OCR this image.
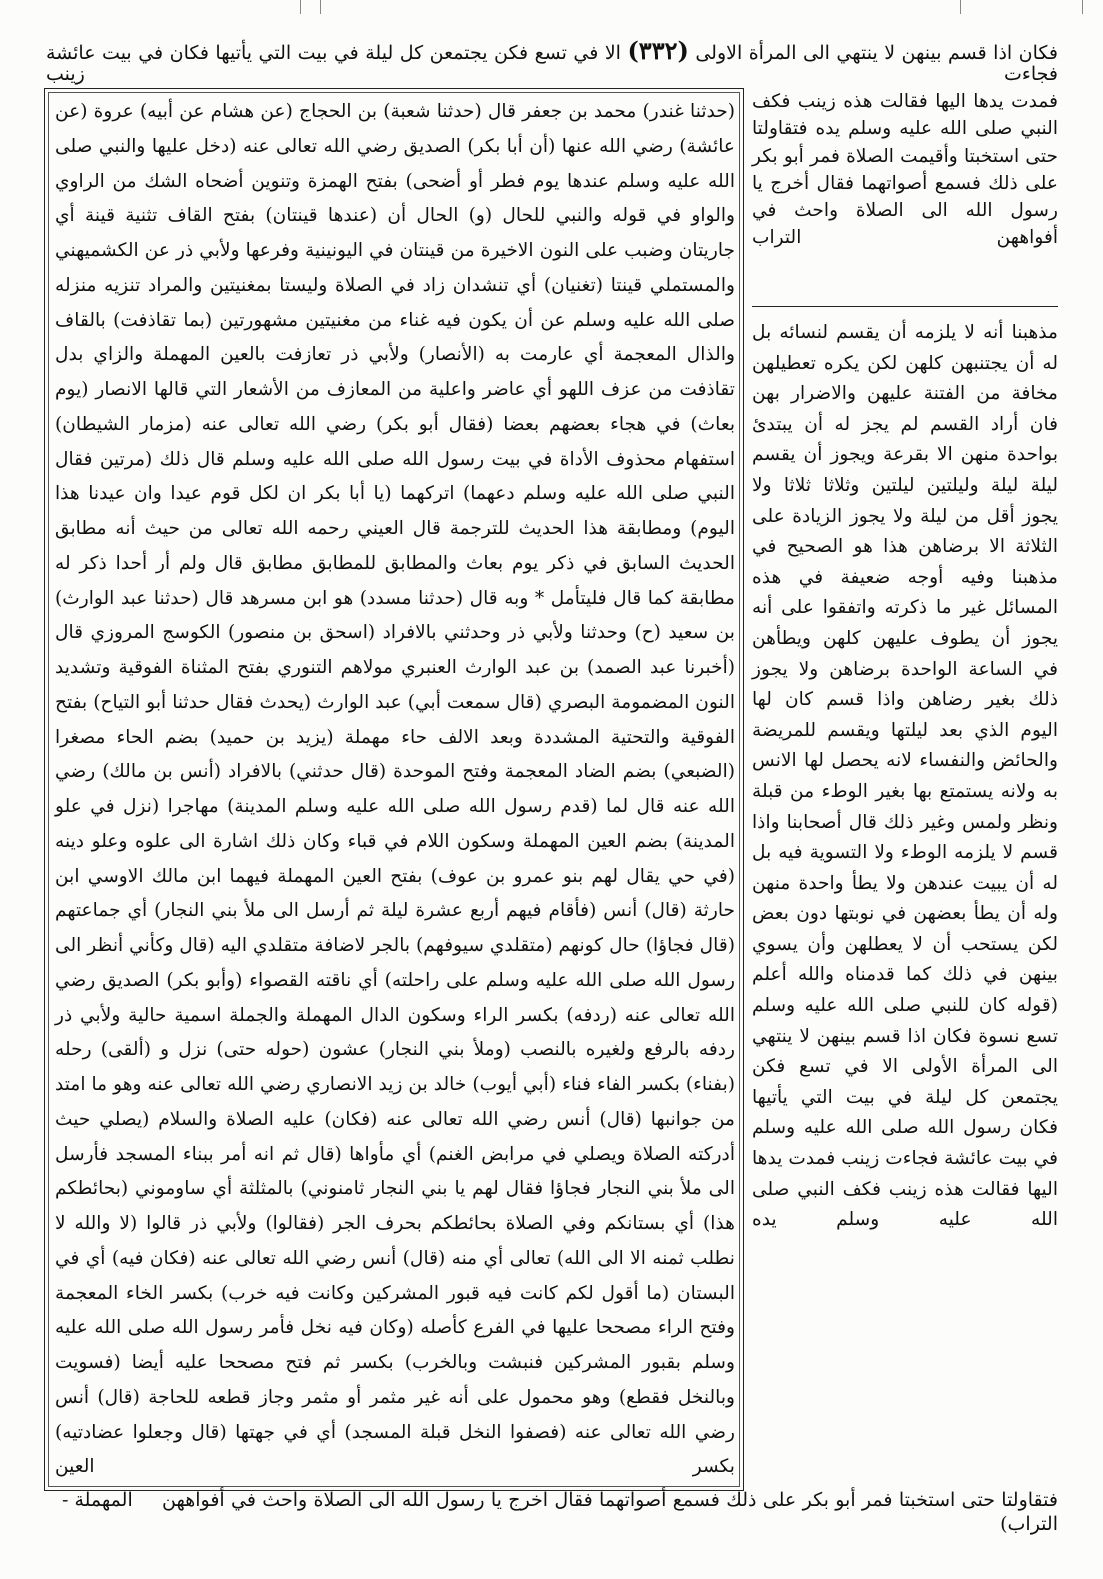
فكان اذا قسم بينهن لا ينتهي الى المرأة الاولى (٣٣٢) الا في تسع فكن يجتمعن كل ليلة في بيت التي يأتيها فكان في بيت عائشة فجاءت زينب
فمدت يدها اليها فقالت هذه زينب فكف النبي صلى الله عليه وسلم يده فتقاولتا حتى استخبتا وأقيمت الصلاة فمر أبو بكر على ذلك فسمع أصواتهما فقال أخرج يا رسول الله الى الصلاة واحث في أفواههن التراب
مذهبنا أنه لا يلزمه أن يقسم لنسائه بل له أن يجتنبهن كلهن لكن يكره تعطيلهن مخافة من الفتنة عليهن والاضرار بهن فان أراد القسم لم يجز له أن يبتدئ بواحدة منهن الا بقرعة ويجوز أن يقسم ليلة ليلة وليلتين ليلتين وثلاثا ثلاثا ولا يجوز أقل من ليلة ولا يجوز الزيادة على الثلاثة الا برضاهن هذا هو الصحيح في مذهبنا وفيه أوجه ضعيفة في هذه المسائل غير ما ذكرته واتفقوا على أنه يجوز أن يطوف عليهن كلهن ويطأهن في الساعة الواحدة برضاهن ولا يجوز ذلك بغير رضاهن واذا قسم كان لها اليوم الذي بعد ليلتها ويقسم للمريضة والحائض والنفساء لانه يحصل لها الانس به ولانه يستمتع بها بغير الوطء من قبلة ونظر ولمس وغير ذلك قال أصحابنا واذا قسم لا يلزمه الوطء ولا التسوية فيه بل له أن يبيت عندهن ولا يطأ واحدة منهن وله أن يطأ بعضهن في نوبتها دون بعض لكن يستحب أن لا يعطلهن وأن يسوي بينهن في ذلك كما قدمناه والله أعلم (قوله كان للنبي صلى الله عليه وسلم تسع نسوة فكان اذا قسم بينهن لا ينتهي الى المرأة الأولى الا في تسع فكن يجتمعن كل ليلة في بيت التي يأتيها فكان رسول الله صلى الله عليه وسلم في بيت عائشة فجاءت زينب فمدت يدها اليها فقالت هذه زينب فكف النبي صلى الله عليه وسلم يده
(حدثنا غندر) محمد بن جعفر قال (حدثنا شعبة) بن الحجاج (عن هشام عن أبيه) عروة (عن عائشة) رضي الله عنها (أن أبا بكر) الصديق رضي الله تعالى عنه (دخل عليها والنبي صلى الله عليه وسلم عندها يوم فطر أو أضحى) بفتح الهمزة وتنوين أضحاه الشك من الراوي والواو في قوله والنبي للحال (و) الحال أن (عندها قينتان) بفتح القاف تثنية قينة أي جاريتان وضبب على النون الاخيرة من قينتان في اليونينية وفرعها ولأبي ذر عن الكشميهني والمستملي قينتا (تغنيان) أي تنشدان زاد في الصلاة وليستا بمغنيتين والمراد تنزيه منزله صلى الله عليه وسلم عن أن يكون فيه غناء من مغنيتين مشهورتين (بما تقاذفت) بالقاف والذال المعجمة أي عارمت به (الأنصار) ولأبي ذر تعازفت بالعين المهملة والزاي بدل تقاذفت من عزف اللهو أي عاضر واعلية من المعازف من الأشعار التي قالها الانصار (يوم بعاث) في هجاء بعضهم بعضا (فقال أبو بكر) رضي الله تعالى عنه (مزمار الشيطان) استفهام محذوف الأداة في بيت رسول الله صلى الله عليه وسلم قال ذلك (مرتين فقال النبي صلى الله عليه وسلم دعهما) اتركهما (يا أبا بكر ان لكل قوم عيدا وان عيدنا هذا اليوم) ومطابقة هذا الحديث للترجمة قال العيني رحمه الله تعالى من حيث أنه مطابق الحديث السابق في ذكر يوم بعاث والمطابق للمطابق مطابق قال ولم أر أحدا ذكر له مطابقة كما قال فليتأمل * وبه قال (حدثنا مسدد) هو ابن مسرهد قال (حدثنا عبد الوارث) بن سعيد (ح) وحدثنا ولأبي ذر وحدثني بالافراد (اسحق بن منصور) الكوسج المروزي قال (أخبرنا عبد الصمد) بن عبد الوارث العنبري مولاهم التنوري بفتح المثناة الفوقية وتشديد النون المضمومة البصري (قال سمعت أبي) عبد الوارث (يحدث فقال حدثنا أبو التياح) بفتح الفوقية والتحتية المشددة وبعد الالف حاء مهملة (يزيد بن حميد) بضم الحاء مصغرا (الضبعي) بضم الضاد المعجمة وفتح الموحدة (قال حدثني) بالافراد (أنس بن مالك) رضي الله عنه قال لما (قدم رسول الله صلى الله عليه وسلم المدينة) مهاجرا (نزل في علو المدينة) بضم العين المهملة وسكون اللام في قباء وكان ذلك اشارة الى علوه وعلو دينه (في حي يقال لهم بنو عمرو بن عوف) بفتح العين المهملة فيهما ابن مالك الاوسي ابن حارثة (قال) أنس (فأقام فيهم أربع عشرة ليلة ثم أرسل الى ملأ بني النجار) أي جماعتهم (قال فجاؤا) حال كونهم (متقلدي سيوفهم) بالجر لاضافة متقلدي اليه (قال وكأني أنظر الى رسول الله صلى الله عليه وسلم على راحلته) أي ناقته القصواء (وأبو بكر) الصديق رضي الله تعالى عنه (ردفه) بكسر الراء وسكون الدال المهملة والجملة اسمية حالية ولأبي ذر ردفه بالرفع ولغيره بالنصب (وملأ بني النجار) عشون (حوله حتى) نزل و (ألقى) رحله (بفناء) بكسر الفاء فناء (أبي أيوب) خالد بن زيد الانصاري رضي الله تعالى عنه وهو ما امتد من جوانبها (قال) أنس رضي الله تعالى عنه (فكان) عليه الصلاة والسلام (يصلي حيث أدركته الصلاة ويصلي في مرابض الغنم) أي مأواها (قال ثم انه أمر ببناء المسجد فأرسل الى ملأ بني النجار فجاؤا فقال لهم يا بني النجار ثامنوني) بالمثلثة أي ساوموني (بحائطكم هذا) أي بستانكم وفي الصلاة بحائطكم بحرف الجر (فقالوا) ولأبي ذر قالوا (لا والله لا نطلب ثمنه الا الى الله) تعالى أي منه (قال) أنس رضي الله تعالى عنه (فكان فيه) أي في البستان (ما أقول لكم كانت فيه قبور المشركين وكانت فيه خرب) بكسر الخاء المعجمة وفتح الراء مصححا عليها في الفرع كأصله (وكان فيه نخل فأمر رسول الله صلى الله عليه وسلم بقبور المشركين فنبشت وبالخرب) بكسر ثم فتح مصححا عليه أيضا (فسويت وبالنخل فقطع) وهو محمول على أنه غير مثمر أو مثمر وجاز قطعه للحاجة (قال) أنس رضي الله تعالى عنه (فصفوا النخل قبلة المسجد) أي في جهتها (قال وجعلوا عضادتيه) بكسر العين
فتقاولتا حتى استخبتا فمر أبو بكر على ذلك فسمع أصواتهما فقال اخرج يا رسول الله الى الصلاة واحث في أفواههن التراب)
المهملة -
